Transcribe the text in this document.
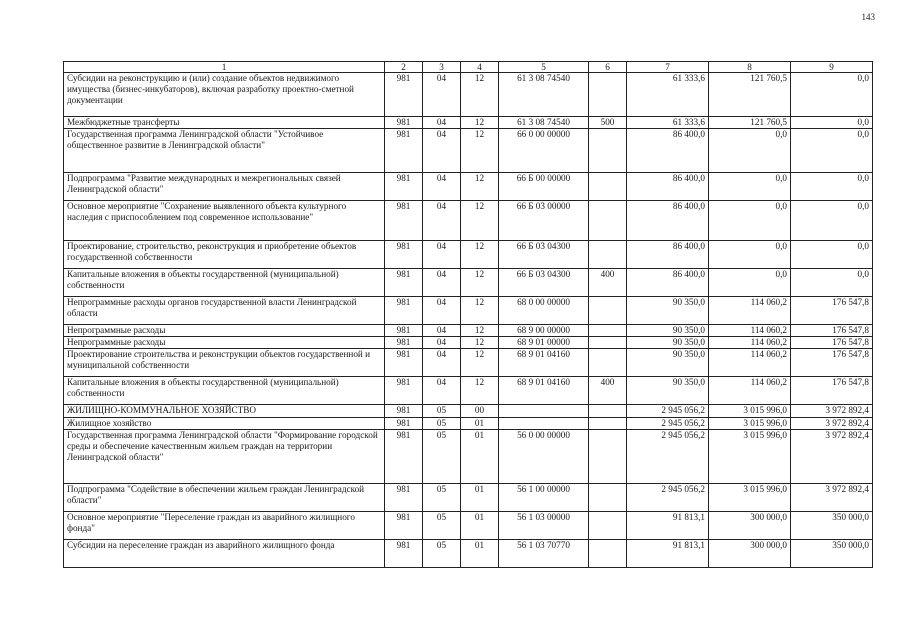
143
1	2	3	4	5	6	7	8	9
Субсидии на реконструкцию и (или) создание объектов недвижимого имущества (бизнес-инкубаторов), включая разработку проектно-сметной документации	981	04	12	61 3 08 74540		61 333,6	121 760,5	0,0
Межбюджетные трансферты	981	04	12	61 3 08 74540	500	61 333,6	121 760,5	0,0
Государственная программа Ленинградской области "Устойчивое общественное развитие в Ленинградской области"	981	04	12	66 0 00 00000		86 400,0	0,0	0,0
Подпрограмма "Развитие международных и межрегиональных связей Ленинградской области"	981	04	12	66 Б 00 00000		86 400,0	0,0	0,0
Основное мероприятие "Сохранение выявленного объекта культурного наследия с приспособлением под современное использование"	981	04	12	66 Б 03 00000		86 400,0	0,0	0,0
Проектирование, строительство, реконструкция и приобретение объектов государственной собственности	981	04	12	66 Б 03 04300		86 400,0	0,0	0,0
Капитальные вложения в объекты государственной (муниципальной) собственности	981	04	12	66 Б 03 04300	400	86 400,0	0,0	0,0
Непрограммные расходы органов государственной власти Ленинградской области	981	04	12	68 0 00 00000		90 350,0	114 060,2	176 547,8
Непрограммные расходы	981	04	12	68 9 00 00000		90 350,0	114 060,2	176 547,8
Непрограммные расходы	981	04	12	68 9 01 00000		90 350,0	114 060,2	176 547,8
Проектирование строительства и реконструкции объектов государственной и муниципальной собственности	981	04	12	68 9 01 04160		90 350,0	114 060,2	176 547,8
Капитальные вложения в объекты государственной (муниципальной) собственности	981	04	12	68 9 01 04160	400	90 350,0	114 060,2	176 547,8
ЖИЛИЩНО-КОММУНАЛЬНОЕ ХОЗЯЙСТВО	981	05	00			2 945 056,2	3 015 996,0	3 972 892,4
Жилищное хозяйство	981	05	01			2 945 056,2	3 015 996,0	3 972 892,4
Государственная программа Ленинградской области "Формирование городской среды и обеспечение качественным жильем граждан на территории Ленинградской области"	981	05	01	56 0 00 00000		2 945 056,2	3 015 996,0	3 972 892,4
Подпрограмма "Содействие в обеспечении жильем граждан Ленинградской области"	981	05	01	56 1 00 00000		2 945 056,2	3 015 996,0	3 972 892,4
Основное мероприятие "Переселение граждан из аварийного жилищного фонда"	981	05	01	56 1 03 00000		91 813,1	300 000,0	350 000,0
Субсидии на переселение граждан из аварийного жилищного фонда	981	05	01	56 1 03 70770		91 813,1	300 000,0	350 000,0
